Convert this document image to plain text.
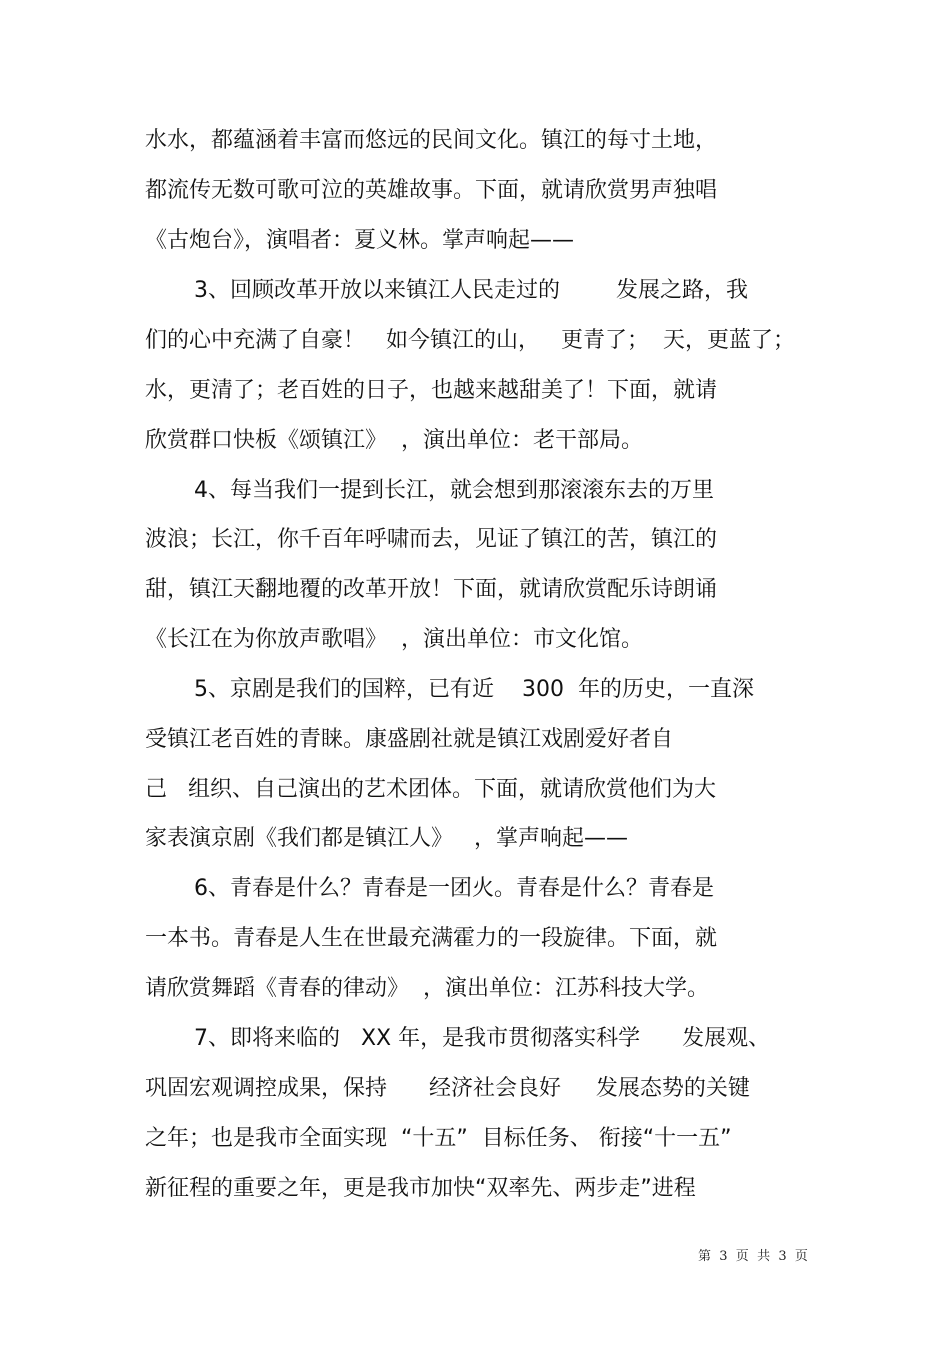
水水，都蕴涵着丰富而悠远的民间文化。镇江的每寸土地，
都流传无数可歌可泣的英雄故事。下面，就请欣赏男声独唱
《古炮台》，演唱者：夏义林。掌声响起——
3、回顾改革开放以来镇江人民走过的        发展之路，我
们的心中充满了自豪！   如今镇江的山，   更青了；  天，更蓝了；
水，更清了；老百姓的日子，也越来越甜美了！下面，就请
欣赏群口快板《颂镇江》  ，演出单位：老干部局。
4、每当我们一提到长江，就会想到那滚滚东去的万里
波浪；长江，你千百年呼啸而去，见证了镇江的苦，镇江的
甜，镇江天翻地覆的改革开放！下面，就请欣赏配乐诗朗诵
《长江在为你放声歌唱》  ，演出单位：市文化馆。
5、京剧是我们的国粹，已有近    300  年的历史，一直深
受镇江老百姓的青睐。康盛剧社就是镇江戏剧爱好者自
己   组织、自己演出的艺术团体。下面，就请欣赏他们为大
家表演京剧《我们都是镇江人》   ，掌声响起——
6、青春是什么？青春是一团火。青春是什么？青春是
一本书。青春是人生在世最充满霍力的一段旋律。下面，就
请欣赏舞蹈《青春的律动》  ，演出单位：江苏科技大学。
7、即将来临的   XX 年，是我市贯彻落实科学      发展观、
巩固宏观调控成果，保持      经济社会良好     发展态势的关键
之年；也是我市全面实现  “十五”  目标任务、 衔接“十一五”
新征程的重要之年，更是我市加快“双率先、两步走”进程
第  3  页  共  3  页
